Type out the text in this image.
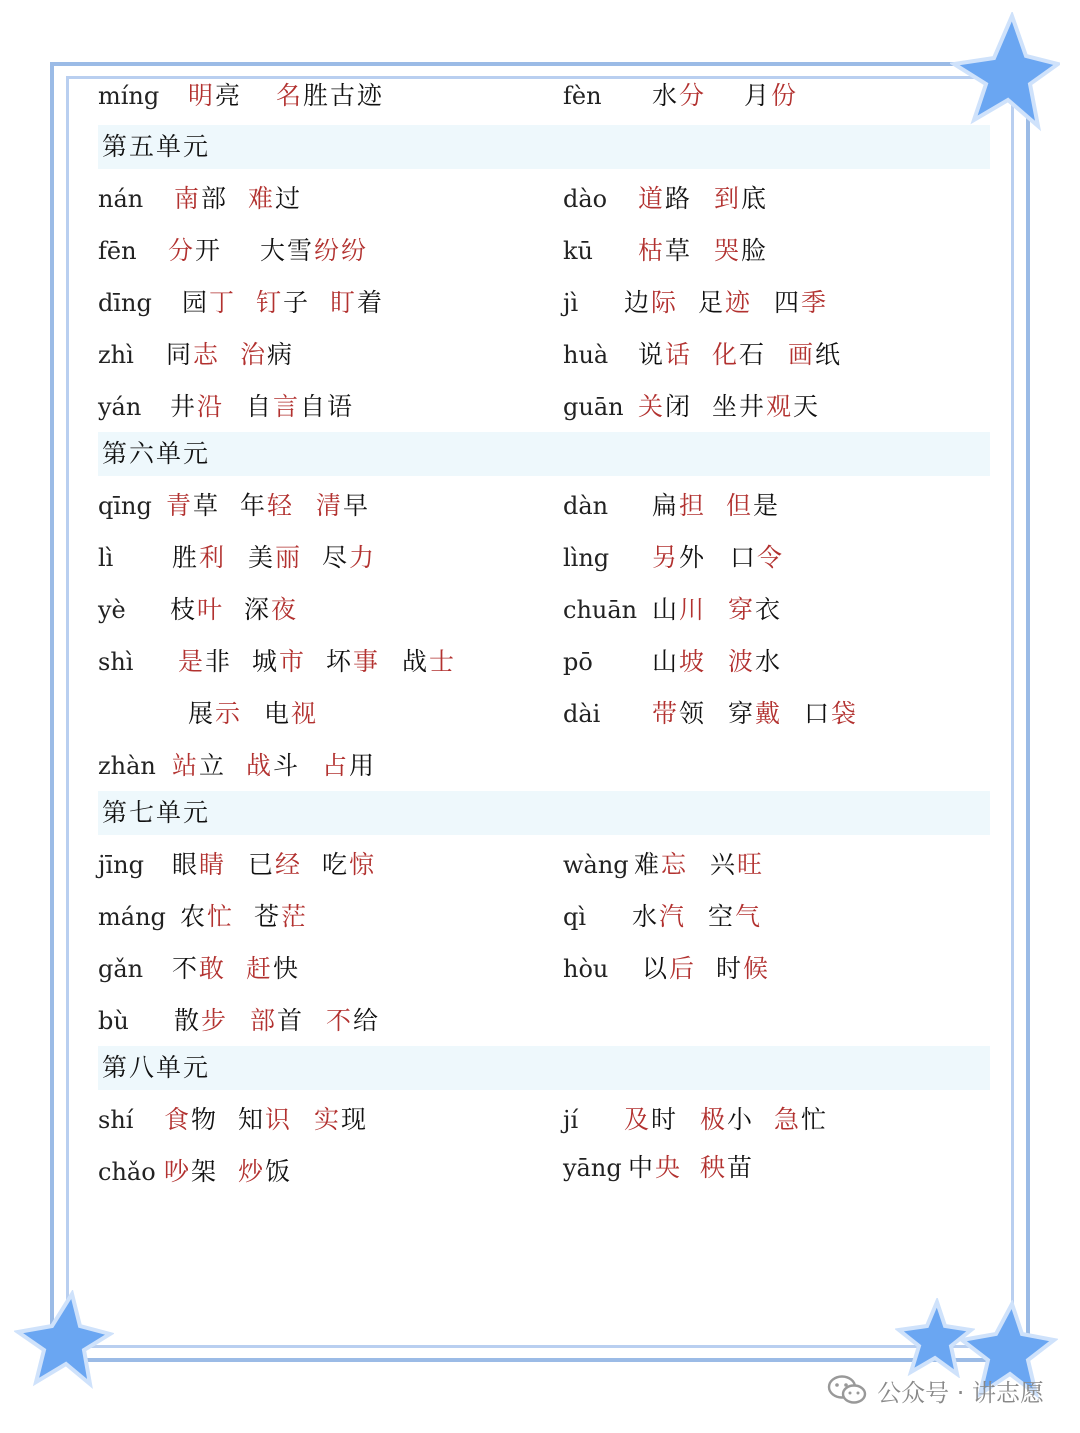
míng 明亮 名胜古迹	fèn 水分 月份
第五单元
nán 南部 难过	dào 道路 到底
fēn 分开 大雪纷纷	kū 枯草 哭脸
dīng 园丁 钉子 盯着	jì 边际 足迹 四季
zhì 同志 治病	huà 说话 化石 画纸
yán 井沿 自言自语	guān 关闭 坐井观天
第六单元
qīng 青草 年轻 清早	dàn 扁担 但是
lì 胜利 美丽 尽力	lìng 另外 口令
yè 枝叶 深夜	chuān 山川 穿衣
shì 是非 城市 坏事 战士	pō 山坡 波水
展示 电视	dài 带领 穿戴 口袋
zhàn 站立 战斗 占用
第七单元
jīng 眼睛 已经 吃惊	wàng 难忘 兴旺
máng 农忙 苍茫	qì 水汽 空气
gǎn 不敢 赶快	hòu 以后 时候
bù 散步 部首 不给
第八单元
shí 食物 知识 实现	jí 及时 极小 急忙
chǎo 吵架 炒饭	yāng 中央 秧苗
公众号 · 讲志愿
